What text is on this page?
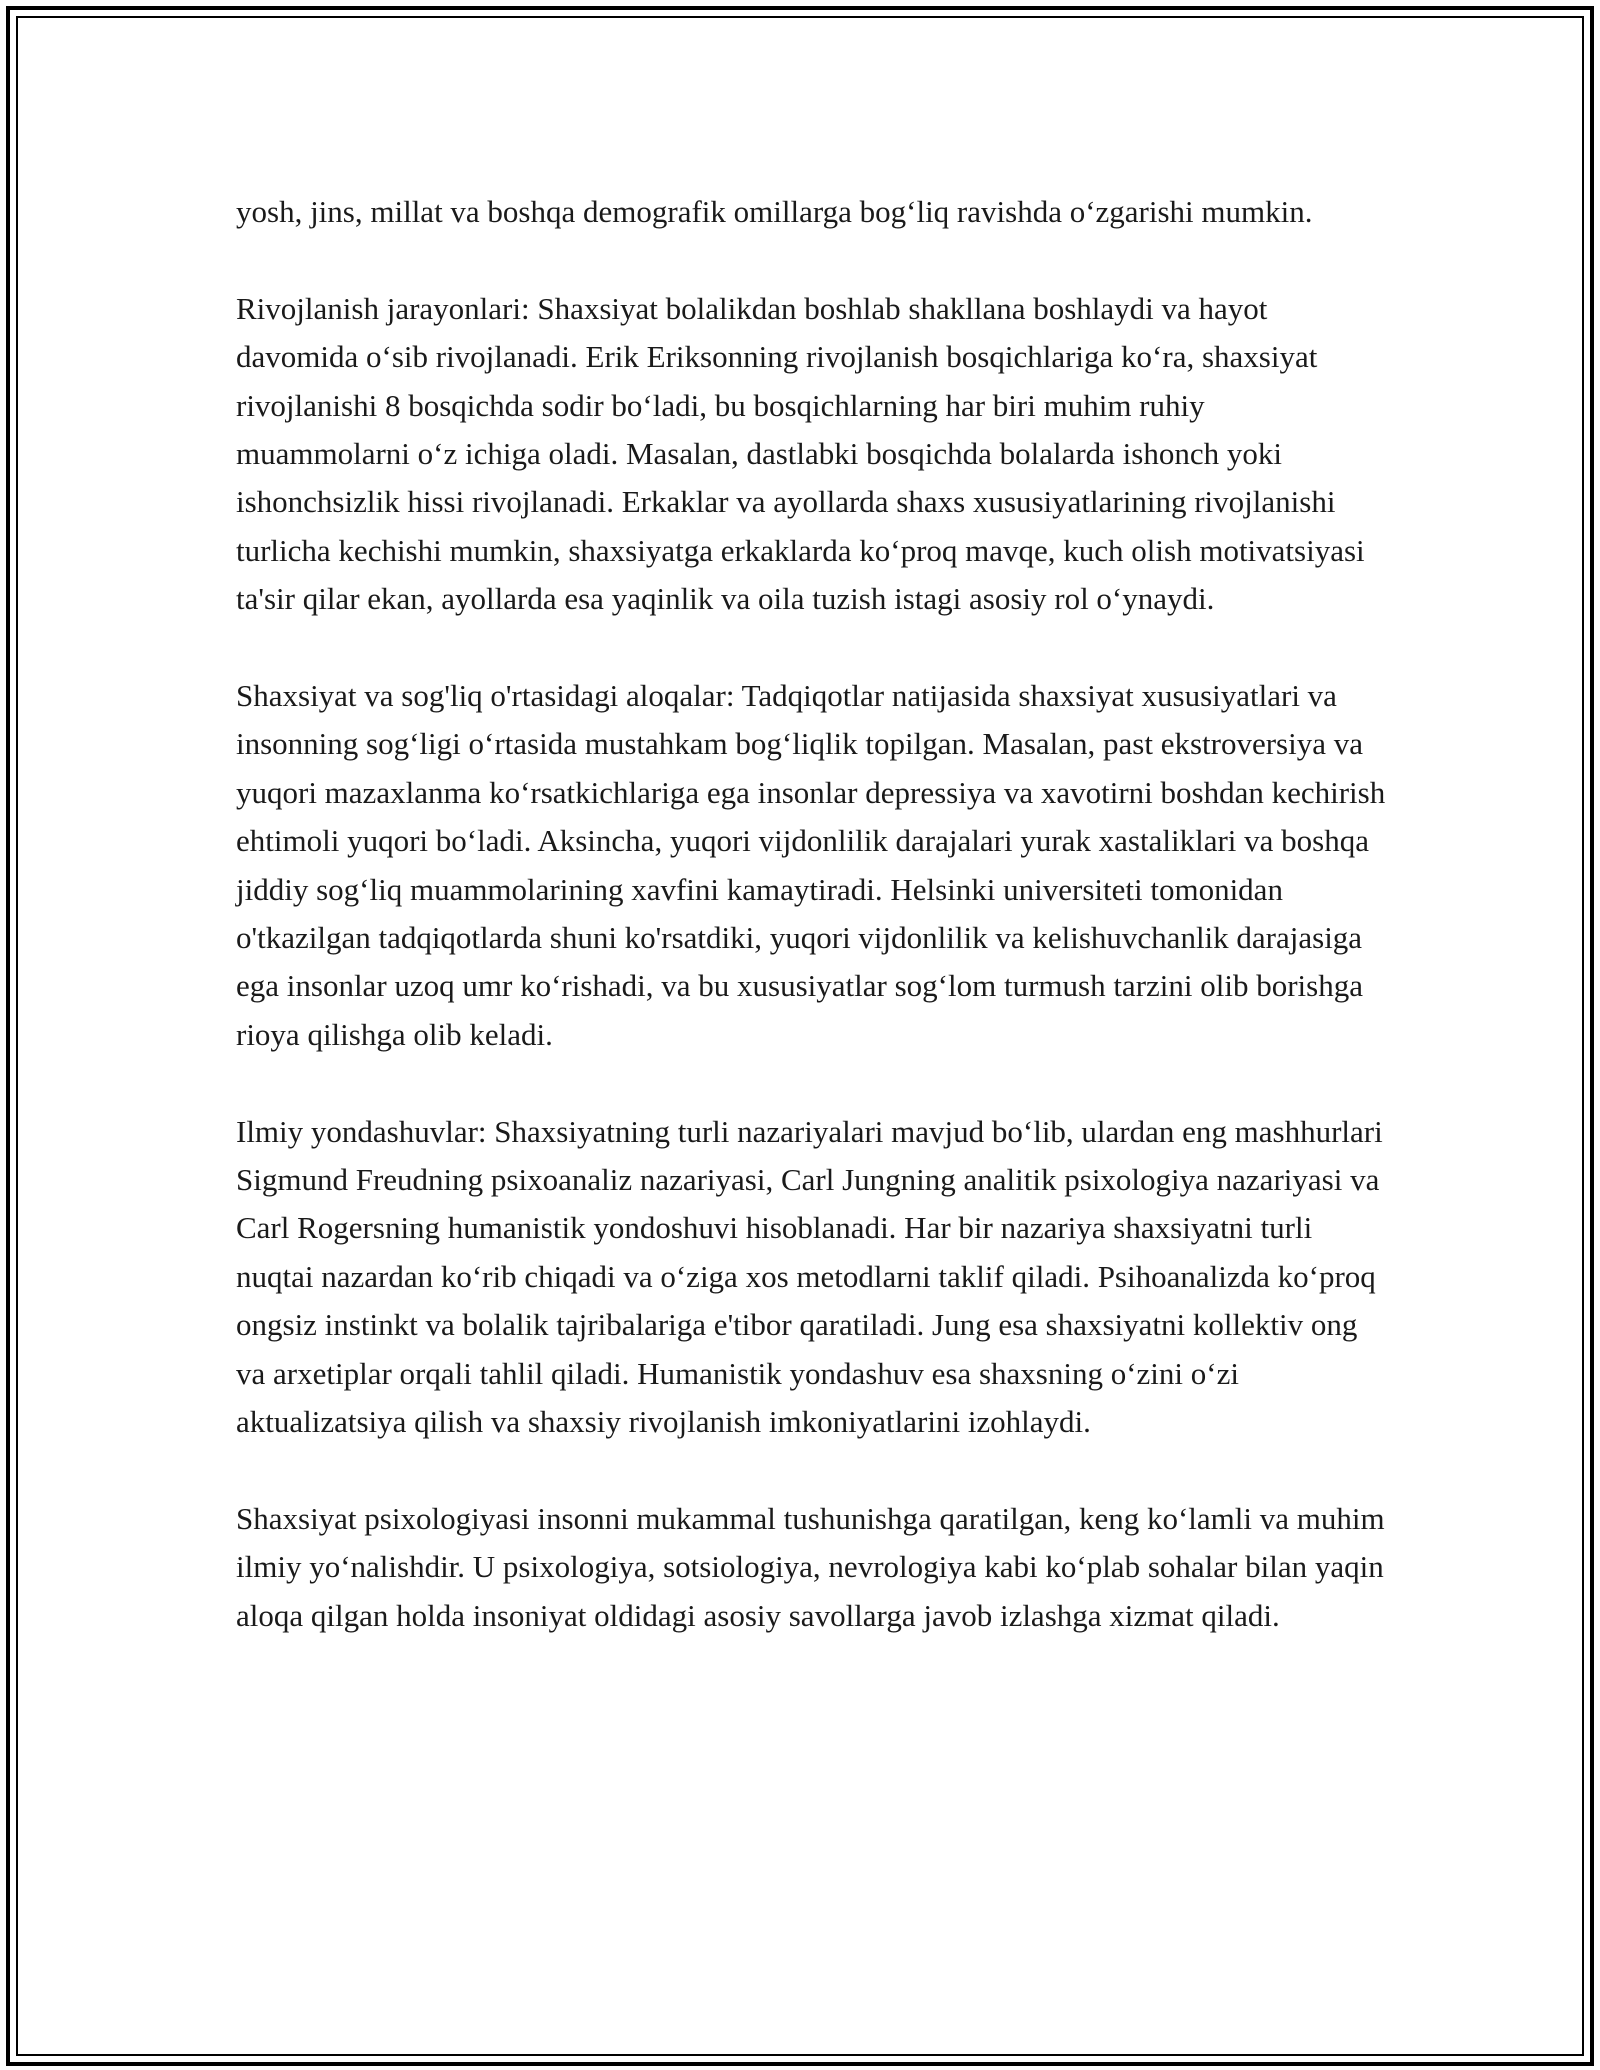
yosh, jins, millat va boshqa demografik omillarga bog‘liq ravishda o‘zgarishi mumkin.

Rivojlanish jarayonlari: Shaxsiyat bolalikdan boshlab shakllana boshlaydi va hayot davomida o‘sib rivojlanadi. Erik Eriksonning rivojlanish bosqichlariga ko‘ra, shaxsiyat rivojlanishi 8 bosqichda sodir bo‘ladi, bu bosqichlarning har biri muhim ruhiy muammolarni o‘z ichiga oladi. Masalan, dastlabki bosqichda bolalarda ishonch yoki ishonchsizlik hissi rivojlanadi. Erkaklar va ayollarda shaxs xususiyatlarining rivojlanishi turlicha kechishi mumkin, shaxsiyatga erkaklarda ko‘proq mavqe, kuch olish motivatsiyasi ta'sir qilar ekan, ayollarda esa yaqinlik va oila tuzish istagi asosiy rol o‘ynaydi.

Shaxsiyat va sog'liq o'rtasidagi aloqalar: Tadqiqotlar natijasida shaxsiyat xususiyatlari va insonning sog‘ligi o‘rtasida mustahkam bog‘liqlik topilgan. Masalan, past ekstroversiya va yuqori mazaxlanma ko‘rsatkichlariga ega insonlar depressiya va xavotirni boshdan kechirish ehtimoli yuqori bo‘ladi. Aksincha, yuqori vijdonlilik darajalari yurak xastaliklari va boshqa jiddiy sog‘liq muammolarining xavfini kamaytiradi. Helsinki universiteti tomonidan o'tkazilgan tadqiqotlarda shuni ko'rsatdiki, yuqori vijdonlilik va kelishuvchanlik darajasiga ega insonlar uzoq umr ko‘rishadi, va bu xususiyatlar sog‘lom turmush tarzini olib borishga rioya qilishga olib keladi.

Ilmiy yondashuvlar: Shaxsiyatning turli nazariyalari mavjud bo‘lib, ulardan eng mashhurlari Sigmund Freudning psixoanaliz nazariyasi, Carl Jungning analitik psixologiya nazariyasi va Carl Rogersning humanistik yondoshuvi hisoblanadi. Har bir nazariya shaxsiyatni turli nuqtai nazardan ko‘rib chiqadi va o‘ziga xos metodlarni taklif qiladi. Psihoanalizda ko‘proq ongsiz instinkt va bolalik tajribalariga e'tibor qaratiladi. Jung esa shaxsiyatni kollektiv ong va arxetiplar orqali tahlil qiladi. Humanistik yondashuv esa shaxsning o‘zini o‘zi aktualizatsiya qilish va shaxsiy rivojlanish imkoniyatlarini izohlaydi.

Shaxsiyat psixologiyasi insonni mukammal tushunishga qaratilgan, keng ko‘lamli va muhim ilmiy yo‘nalishdir. U psixologiya, sotsiologiya, nevrologiya kabi ko‘plab sohalar bilan yaqin aloqa qilgan holda insoniyat oldidagi asosiy savollarga javob izlashga xizmat qiladi.
